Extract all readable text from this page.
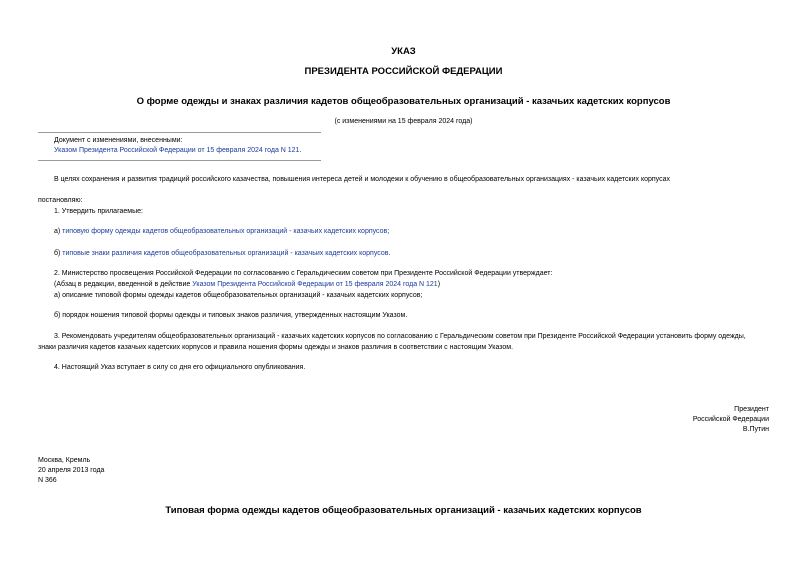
УКАЗ
ПРЕЗИДЕНТА РОССИЙСКОЙ ФЕДЕРАЦИИ
О форме одежды и знаках различия кадетов общеобразовательных организаций - казачьих кадетских корпусов
(с изменениями на 15 февраля 2024 года)
Документ с изменениями, внесенными:
Указом Президента Российской Федерации от 15 февраля 2024 года N 121.
В целях сохранения и развития традиций российского казачества, повышения интереса детей и молодежи к обучению в общеобразовательных организациях - казачьих кадетских корпусах
постановляю:
1. Утвердить прилагаемые:
а) типовую форму одежды кадетов общеобразовательных организаций - казачьих кадетских корпусов;
б) типовые знаки различия кадетов общеобразовательных организаций - казачьих кадетских корпусов.
2. Министерство просвещения Российской Федерации по согласованию с Геральдическим советом при Президенте Российской Федерации утверждает:
(Абзац в редакции, введенной в действие Указом Президента Российской Федерации от 15 февраля 2024 года N 121)
а) описание типовой формы одежды кадетов общеобразовательных организаций - казачьих кадетских корпусов;
б) порядок ношения типовой формы одежды и типовых знаков различия, утвержденных настоящим Указом.
3. Рекомендовать учредителям общеобразовательных организаций - казачьих кадетских корпусов по согласованию с Геральдическим советом при Президенте Российской Федерации установить форму одежды,
знаки различия кадетов казачьих кадетских корпусов и правила ношения формы одежды и знаков различия в соответствии с настоящим Указом.
4. Настоящий Указ вступает в силу со дня его официального опубликования.
Президент
Российской Федерации
В.Путин
Москва, Кремль
20 апреля 2013 года
N 366
Типовая форма одежды кадетов общеобразовательных организаций - казачьих кадетских корпусов
